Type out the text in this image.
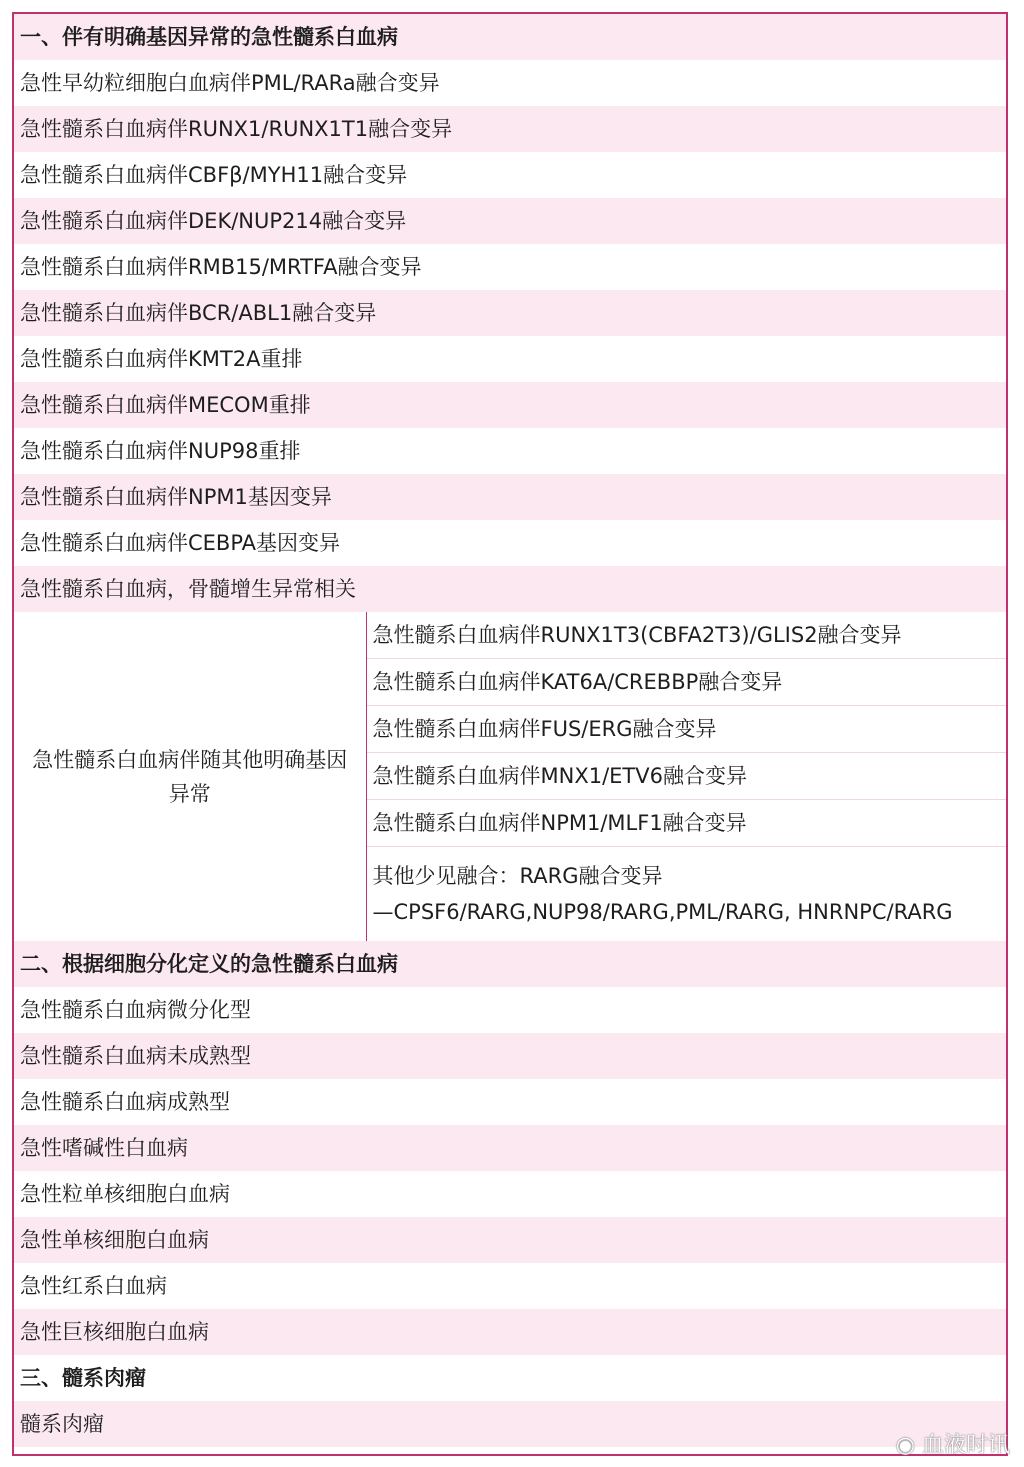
一、伴有明确基因异常的急性髓系白血病
急性早幼粒细胞白血病伴PML/RARa融合变异
急性髓系白血病伴RUNX1/RUNX1T1融合变异
急性髓系白血病伴CBFβ/MYH11融合变异
急性髓系白血病伴DEK/NUP214融合变异
急性髓系白血病伴RMB15/MRTFA融合变异
急性髓系白血病伴BCR/ABL1融合变异
急性髓系白血病伴KMT2A重排
急性髓系白血病伴MECOM重排
急性髓系白血病伴NUP98重排
急性髓系白血病伴NPM1基因变异
急性髓系白血病伴CEBPA基因变异
急性髓系白血病，骨髓增生异常相关
急性髓系白血病伴随其他明确基因异常	急性髓系白血病伴RUNX1T3(CBFA2T3)/GLIS2融合变异
急性髓系白血病伴KAT6A/CREBBP融合变异
急性髓系白血病伴FUS/ERG融合变异
急性髓系白血病伴MNX1/ETV6融合变异
急性髓系白血病伴NPM1/MLF1融合变异

其他少见融合：RARG融合变异
—CPSF6/RARG,NUP98/RARG,PML/RARG, HNRNPC/RARG

二、根据细胞分化定义的急性髓系白血病
急性髓系白血病微分化型
急性髓系白血病未成熟型
急性髓系白血病成熟型
急性嗜碱性白血病
急性粒单核细胞白血病
急性单核细胞白血病
急性红系白血病
急性巨核细胞白血病
三、髓系肉瘤
髓系肉瘤
◉ 血液时讯
